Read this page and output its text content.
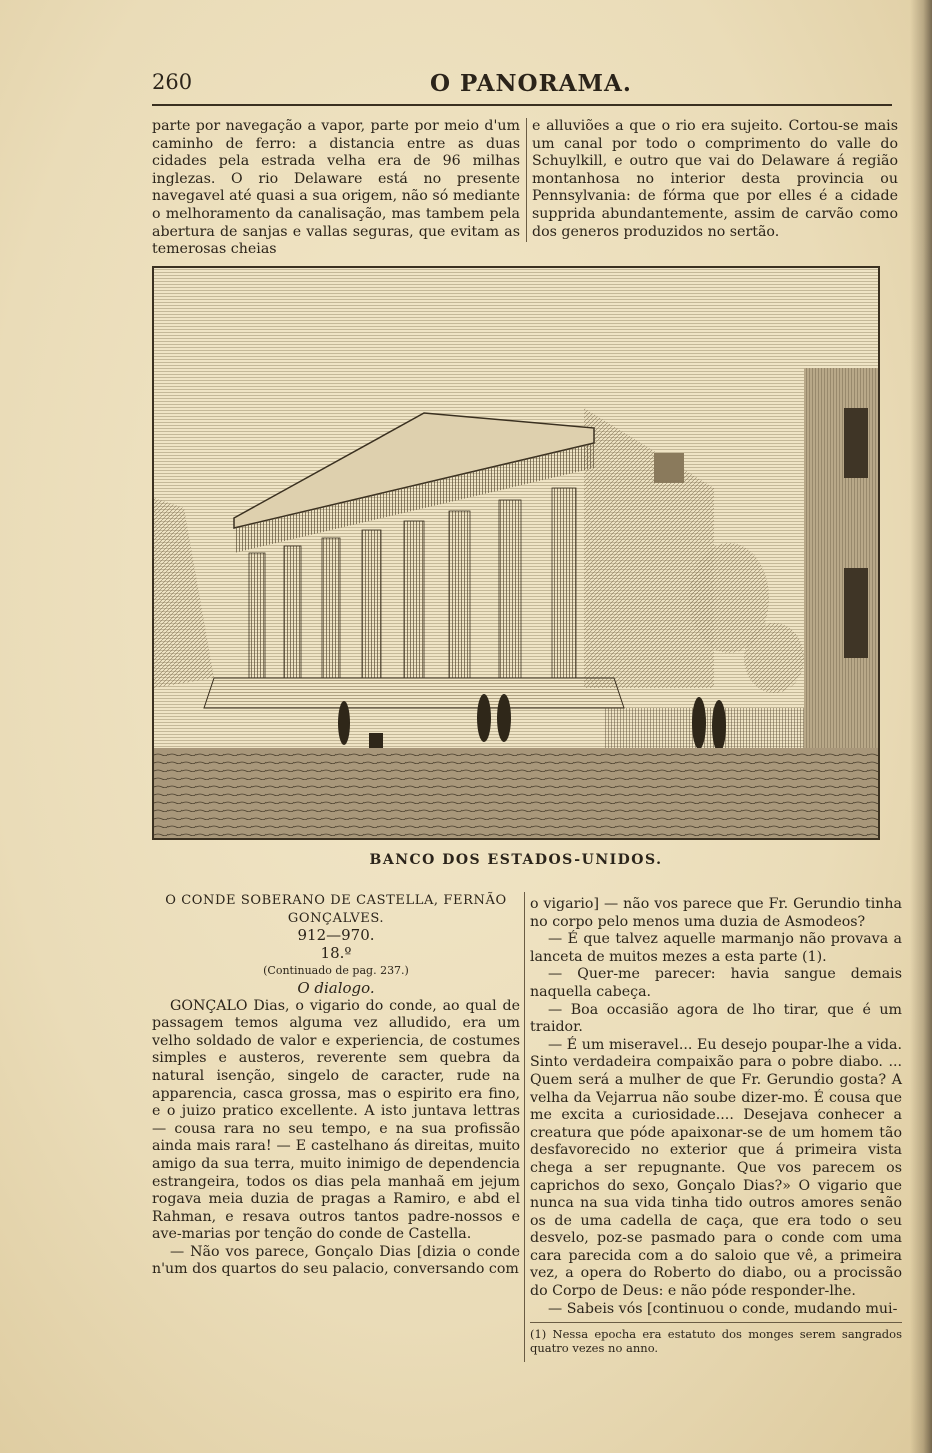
260	O PANORAMA.

parte por navegação a vapor, parte por meio d'um caminho de ferro: a distancia entre as duas cidades pela estrada velha era de 96 milhas inglezas. O rio Delaware está no presente navegavel até quasi a sua origem, não só mediante o melhoramento da canalisação, mas tambem pela abertura de sanjas e vallas seguras, que evitam as temerosas cheias

e alluviões a que o rio era sujeito. Cortou-se mais um canal por todo o comprimento do valle do Schuylkill, e outro que vai do Delaware á região montanhosa no interior desta provincia ou Pennsylvania: de fórma que por elles é a cidade supprida abundantemente, assim de carvão como dos generos produzidos no sertão.

BANCO DOS ESTADOS-UNIDOS.

O CONDE SOBERANO DE CASTELLA, FERNÃO GONÇALVES.

912—970.

18.º

(Continuado de pag. 237.)

O dialogo.

GONÇALO Dias, o vigario do conde, ao qual de passagem temos alguma vez alludido, era um velho soldado de valor e experiencia, de costumes simples e austeros, reverente sem quebra da natural isenção, singelo de caracter, rude na apparencia, casca grossa, mas o espirito era fino, e o juizo pratico excellente. A isto juntava lettras — cousa rara no seu tempo, e na sua profissão ainda mais rara! — E castelhano ás direitas, muito amigo da sua terra, muito inimigo de dependencia estrangeira, todos os dias pela manhaã em jejum rogava meia duzia de pragas a Ramiro, e abd el Rahman, e resava outros tantos padre-nossos e ave-marias por tenção do conde de Castella.

— Não vos parece, Gonçalo Dias [dizia o conde n'um dos quartos do seu palacio, conversando com

o vigario] — não vos parece que Fr. Gerundio tinha no corpo pelo menos uma duzia de Asmodeos?

— É que talvez aquelle marmanjo não provava a lanceta de muitos mezes a esta parte (1).

— Quer-me parecer: havia sangue demais naquella cabeça.

— Boa occasião agora de lho tirar, que é um traidor.

— É um miseravel... Eu desejo poupar-lhe a vida. Sinto verdadeira compaixão para o pobre diabo. ... Quem será a mulher de que Fr. Gerundio gosta? A velha da Vejarrua não soube dizer-mo. É cousa que me excita a curiosidade.... Desejava conhecer a creatura que póde apaixonar-se de um homem tão desfavorecido no exterior que á primeira vista chega a ser repugnante. Que vos parecem os caprichos do sexo, Gonçalo Dias?» O vigario que nunca na sua vida tinha tido outros amores senão os de uma cadella de caça, que era todo o seu desvelo, poz-se pasmado para o conde com uma cara parecida com a do saloio que vê, a primeira vez, a opera do Roberto do diabo, ou a procissão do Corpo de Deus: e não póde responder-lhe.

— Sabeis vós [continuou o conde, mudando mui-

(1) Nessa epocha era estatuto dos monges serem sangrados quatro vezes no anno.
